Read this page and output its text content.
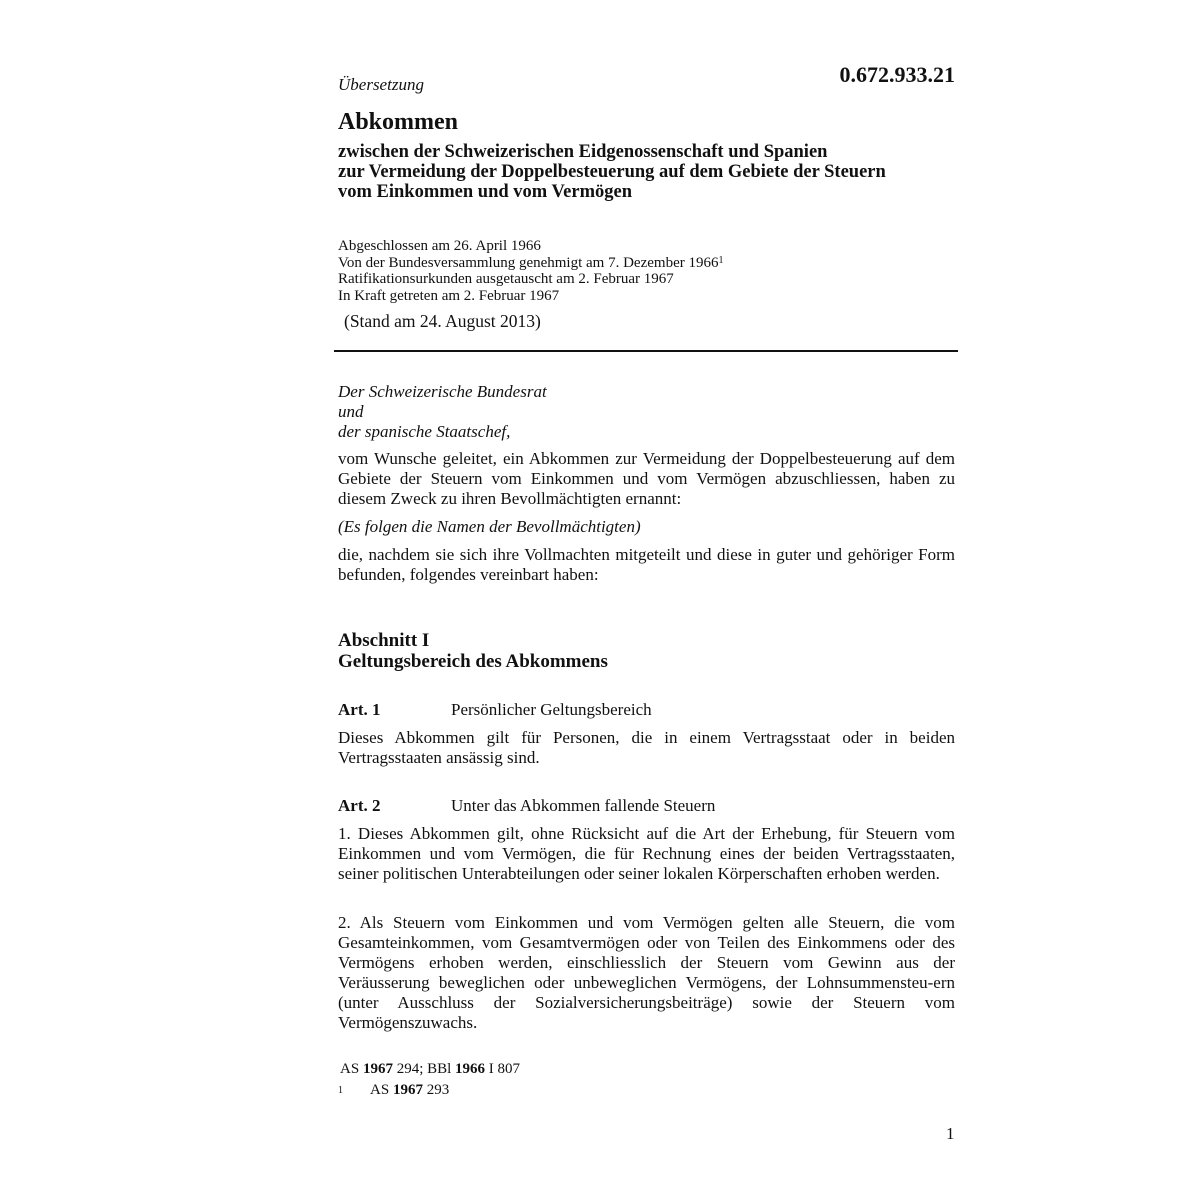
Übersetzung	0.672.933.21
Abkommen
zwischen der Schweizerischen Eidgenossenschaft und Spanien
zur Vermeidung der Doppelbesteuerung auf dem Gebiete der Steuern
vom Einkommen und vom Vermögen
Abgeschlossen am 26. April 1966
Von der Bundesversammlung genehmigt am 7. Dezember 1966$^1$
Ratifikationsurkunden ausgetauscht am 2. Februar 1967
In Kraft getreten am 2. Februar 1967
(Stand am 24. August 2013)
Der Schweizerische Bundesrat
und
der spanische Staatschef,

vom Wunsche geleitet, ein Abkommen zur Vermeidung der Doppelbesteuerung auf dem Gebiete der Steuern vom Einkommen und vom Vermögen abzuschliessen, haben zu diesem Zweck zu ihren Bevollmächtigten ernannt:

(Es folgen die Namen der Bevollmächtigten)

die, nachdem sie sich ihre Vollmachten mitgeteilt und diese in guter und gehöriger Form befunden, folgendes vereinbart haben:

Abschnitt I
Geltungsbereich des Abkommens
Art. 1	Persönlicher Geltungsbereich

Dieses Abkommen gilt für Personen, die in einem Vertragsstaat oder in beiden Vertragsstaaten ansässig sind.

Art. 2	Unter das Abkommen fallende Steuern

1. Dieses Abkommen gilt, ohne Rücksicht auf die Art der Erhebung, für Steuern vom Einkommen und vom Vermögen, die für Rechnung eines der beiden Vertragsstaaten, seiner politischen Unterabteilungen oder seiner lokalen Körperschaften erhoben werden.

2. Als Steuern vom Einkommen und vom Vermögen gelten alle Steuern, die vom Gesamteinkommen, vom Gesamtvermögen oder von Teilen des Einkommens oder des Vermögens erhoben werden, einschliesslich der Steuern vom Gewinn aus der Veräusserung beweglichen oder unbeweglichen Vermögens, der Lohnsummensteu-ern (unter Ausschluss der Sozialversicherungsbeiträge) sowie der Steuern vom Vermögenszuwachs.

AS 1967 294; BBl 1966 I 807
1 AS 1967 293
1
